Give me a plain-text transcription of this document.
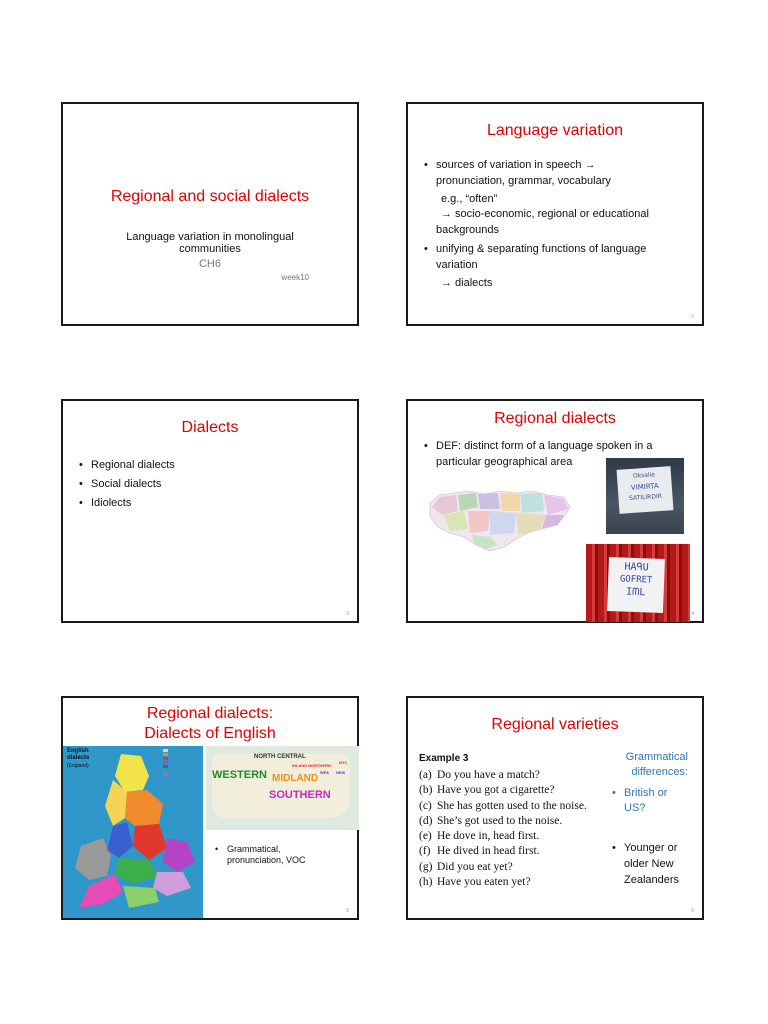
Regional and social dialects
Language variation in monolingual
communities
CH6
week10
Language variation
• sources of variation in speech →
pronunciation, grammar, vocabulary
e.g., “often”
→ socio-economic, regional or educational
backgrounds
• unifying & separating functions of language
variation
→ dialects
2
Dialects
• Regional dialects
• Social dialects
• Idiolects
3
Regional dialects
• DEF: distinct form of a language spoken in a
particular geographical area
Oksalie
VIMIRTA
SATILIRDIR
HAᑫU
GOFRET
IᗰL
4
Regional dialects:
Dialects of English
English dialects
(England)
NORTH CENTRAL
WESTERN MIDLAND
SOUTHERN
INLAND NORTHERN
NYC
WPA NEW
• Grammatical,
pronunciation, VOC
5
Regional varieties
Example 3
(a) Do you have a match?
(b) Have you got a cigarette?
(c) She has gotten used to the noise.
(d) She’s got used to the noise.
(e) He dove in, head first.
(f) He dived in head first.
(g) Did you eat yet?
(h) Have you eaten yet?
Grammatical
differences:
• British or
US?
• Younger or
older New
Zealanders
6
